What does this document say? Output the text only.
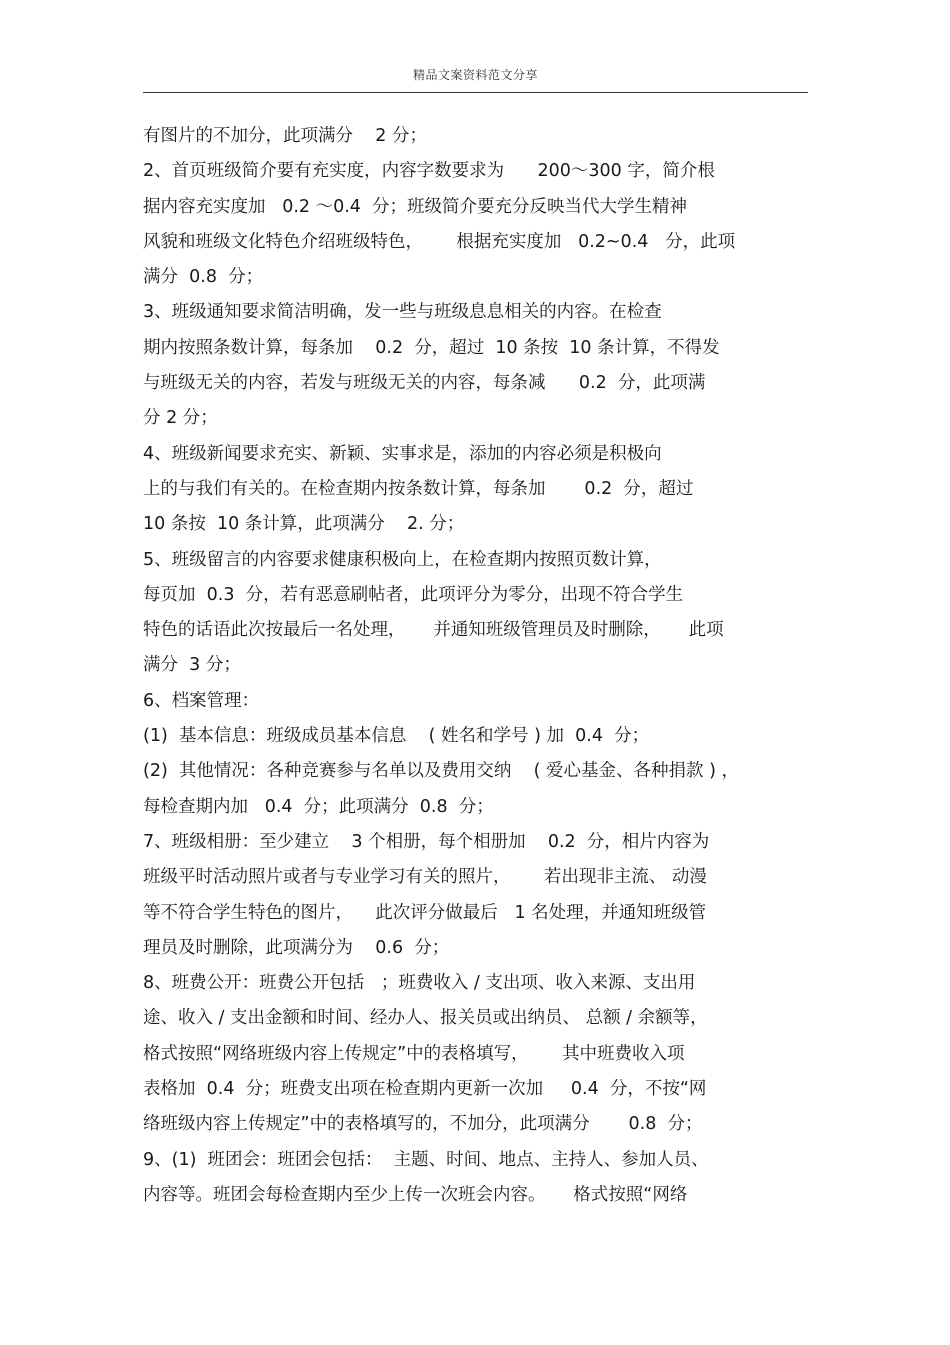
精品文案资料范文分享
有图片的不加分，此项满分    2 分；
2、首页班级简介要有充实度，内容字数要求为      200～300 字，简介根
据内容充实度加   0.2 ～0.4  分；班级简介要充分反映当代大学生精神
风貌和班级文化特色介绍班级特色，      根据充实度加   0.2~0.4   分，此项
满分  0.8  分；
3、班级通知要求简洁明确，发一些与班级息息相关的内容。在检查
期内按照条数计算，每条加    0.2  分，超过  10 条按  10 条计算，不得发
与班级无关的内容，若发与班级无关的内容，每条减      0.2  分，此项满
分 2 分；
4、班级新闻要求充实、新颖、实事求是，添加的内容必须是积极向
上的与我们有关的。在检查期内按条数计算，每条加       0.2  分，超过
10 条按  10 条计算，此项满分    2. 分；
5、班级留言的内容要求健康积极向上，在检查期内按照页数计算，
每页加  0.3  分，若有恶意刷帖者，此项评分为零分，出现不符合学生
特色的话语此次按最后一名处理，     并通知班级管理员及时删除，     此项
满分  3 分；
6、档案管理：
(1)  基本信息：班级成员基本信息    ( 姓名和学号 ) 加  0.4  分；
(2)  其他情况：各种竞赛参与名单以及费用交纳    ( 爱心基金、各种捐款 ) ，
每检查期内加   0.4  分；此项满分  0.8  分；
7、班级相册：至少建立    3 个相册，每个相册加    0.2  分，相片内容为
班级平时活动照片或者与专业学习有关的照片，      若出现非主流、 动漫
等不符合学生特色的图片，    此次评分做最后   1 名处理，并通知班级管
理员及时删除，此项满分为    0.6  分；
8、班费公开：班费公开包括   ；班费收入 / 支出项、收入来源、支出用
途、收入 / 支出金额和时间、经办人、报关员或出纳员、 总额 / 余额等，
格式按照“网络班级内容上传规定”中的表格填写，      其中班费收入项
表格加  0.4  分；班费支出项在检查期内更新一次加     0.4  分，不按“网
络班级内容上传规定”中的表格填写的，不加分，此项满分       0.8  分；
9、(1)  班团会：班团会包括：  主题、时间、地点、主持人、参加人员、
内容等。班团会每检查期内至少上传一次班会内容。     格式按照“网络
